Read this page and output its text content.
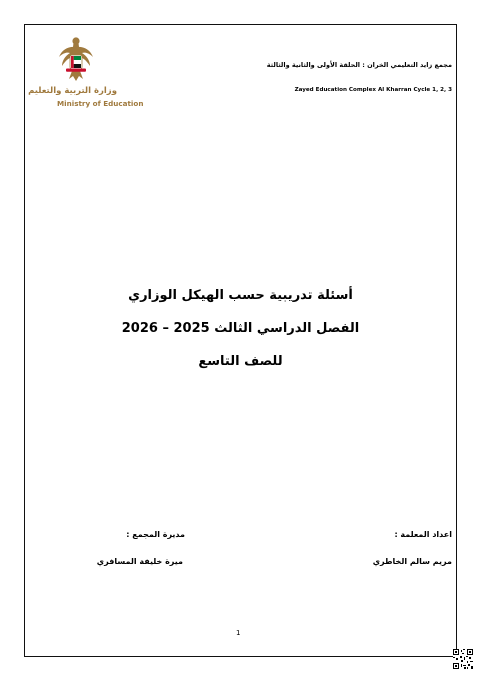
مجمع زايد التعليمي الخران : الحلقة الأولى والثانية والثالثة
Zayed Education Complex Al Kharran Cycle 1, 2, 3
وزارة التربية والتعليم
Ministry of Education
أسئلة تدريبية حسب الهيكل الوزاري
الفصل الدراسي الثالث 2025 – 2026
للصف التاسع
اعداد المعلمة :
مريم سالم الخاطري
مديرة المجمع :
ميرة خليفة المسافري
1
